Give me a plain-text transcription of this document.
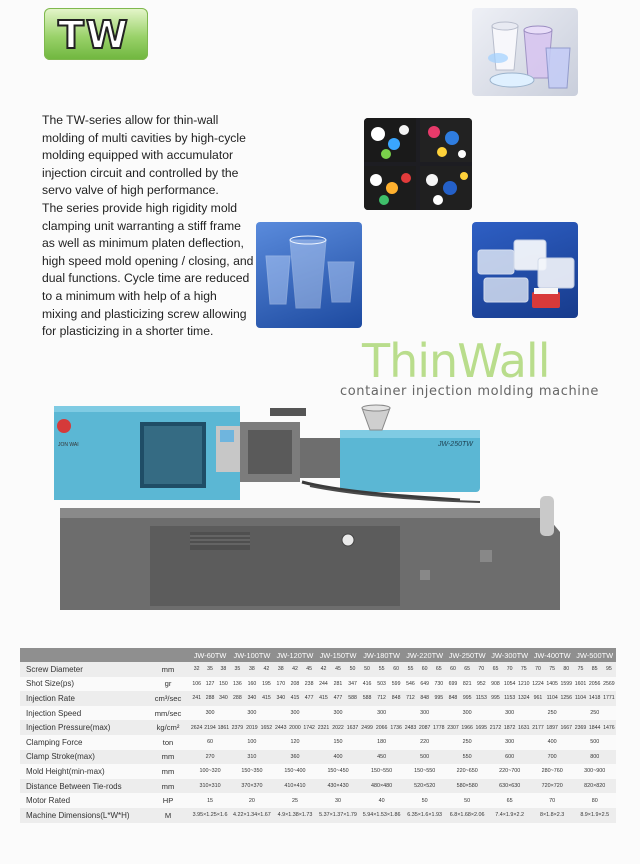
TW

The TW-series allow for thin-wall molding of multi cavities by high-cycle molding equipped with accumulator injection circuit and controlled by the servo valve of high performance.

The series provide high rigidity mold clamping unit warranting a stiff frame as well as minimum platen deflection, high speed mold opening / closing, and dual functions. Cycle time are reduced to a minimum with help of a high mixing and plasticizing screw allowing for plasticizing in a shorter time.

ThinWall
container injection molding machine
JON WAI	JW-250TW
		JW-60TW			JW-100TW			JW-120TW			JW-150TW			JW-180TW			JW-220TW			JW-250TW			JW-300TW			JW-400TW			JW-500TW		
Screw Diameter	mm	32	35	38	35	38	42	38	42	45	42	45	50	50	55	60	55	60	65	60	65	70	65	70	75	70	75	80	75	85	95
Shot Size(ps)	gr	106	127	150	136	160	195	170	208	238	244	281	347	416	503	599	546	649	730	699	821	952	908	1054	1210	1224	1405	1599	1601	2056	2569
Injection Rate	cm³/sec	241	288	340	288	340	415	340	415	477	415	477	588	588	712	848	712	848	995	848	995	1153	995	1153	1324	961	1104	1256	1104	1418	1771
Injection Speed	mm/sec	300			300			300			300			300			300			300			300			250			250		
Injection Pressure(max)	kg/cm²	2624	2194	1861	2379	2019	1652	2443	2000	1742	2321	2022	1637	2499	2066	1736	2483	2087	1778	2307	1966	1695	2172	1872	1631	2177	1897	1667	2369	1844	1476
Clamping Force	ton	60			100			120			150			180			220			250			300			400			500		
Clamp Stroke(max)	mm	270			310			360			400			450			500			550			600			700			800		
Mold Height(min-max)	mm	100~320			150~350			150~400			150~450			150~550			150~550			220~650			220~700			280~760			300~900		
Distance Between Tie-rods	mm	310×310			370×370			410×410			430×430			480×480			520×520			580×580			630×630			720×720			820×820		
Motor Rated	HP	15			20			25			30			40			50			50			65			70			80		
Machine Dimensions(L*W*H)	M	3.95×1.25×1.6			4.22×1.34×1.67			4.9×1.38×1.73			5.37×1.37×1.79			5.94×1.53×1.86			6.35×1.6×1.93			6.8×1.68×2.06			7.4×1.9×2.2			8×1.8×2.3			8.9×1.9×2.5		
